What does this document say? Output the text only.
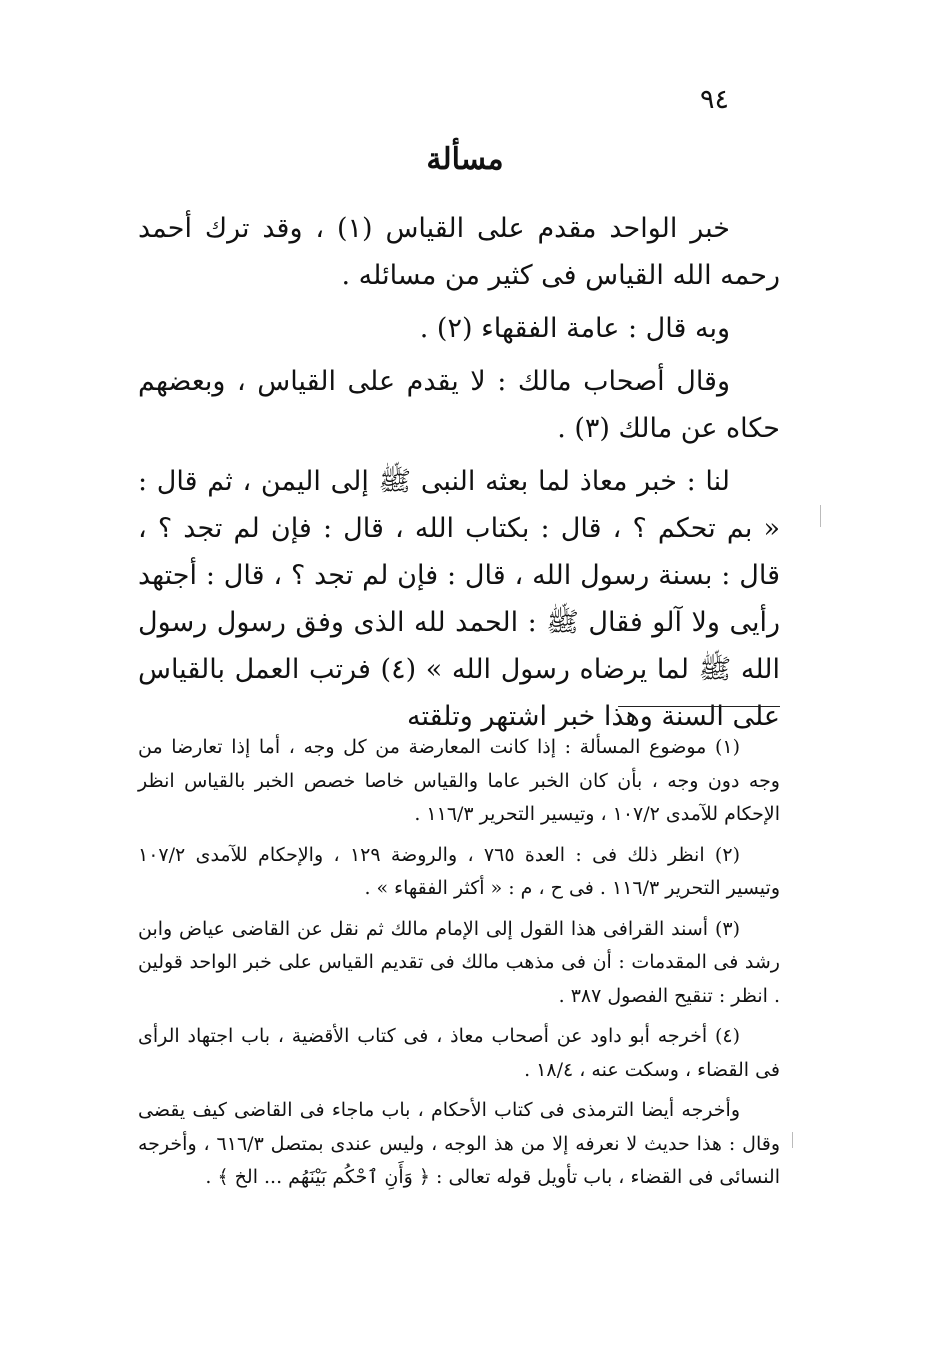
٩٤
مسألة

خبر الواحد مقدم على القياس (١) ، وقد ترك أحمد رحمه الله القياس فى كثير من مسائله .

وبه قال : عامة الفقهاء (٢) .

وقال أصحاب مالك : لا يقدم على القياس ، وبعضهم حكاه عن مالك (٣) .

لنا : خبر معاذ لما بعثه النبى ﷺ إلى اليمن ، ثم قال : « بم تحكم ؟ ، قال : بكتاب الله ، قال : فإن لم تجد ؟ ، قال : بسنة رسول الله ، قال : فإن لم تجد ؟ ، قال : أجتهد رأيى ولا آلو فقال ﷺ : الحمد لله الذى وفق رسول رسول الله ﷺ لما يرضاه رسول الله » (٤) فرتب العمل بالقياس على السنة وهذا خبر اشتهر وتلقته

(١) موضوع المسألة : إذا كانت المعارضة من كل وجه ، أما إذا تعارضا من وجه دون وجه ، بأن كان الخبر عاما والقياس خاصا خصص الخبر بالقياس انظر الإحكام للآمدى ١٠٧/٢ ، وتيسير التحرير ١١٦/٣ .

(٢) انظر ذلك فى : العدة ٧٦٥ ، والروضة ١٢٩ ، والإحكام للآمدى ١٠٧/٢ وتيسير التحرير ١١٦/٣ . فى ح ، م : « أكثر الفقهاء » .

(٣) أسند القرافى هذا القول إلى الإمام مالك ثم نقل عن القاضى عياض وابن رشد فى المقدمات : أن فى مذهب مالك فى تقديم القياس على خبر الواحد قولين . انظر : تنقيح الفصول ٣٨٧ .

(٤) أخرجه أبو داود عن أصحاب معاذ ، فى كتاب الأقضية ، باب اجتهاد الرأى فى القضاء ، وسكت عنه ، ١٨/٤ .

وأخرجه أيضا الترمذى فى كتاب الأحكام ، باب ماجاء فى القاضى كيف يقضى وقال : هذا حديث لا نعرفه إلا من هذ الوجه ، وليس عندى بمتصل ٦١٦/٣ ، وأخرجه النسائى فى القضاء ، باب تأويل قوله تعالى : ﴿ وَأَنِ ٱحْكُم بَيْنَهُم ... الخ ﴾ .
